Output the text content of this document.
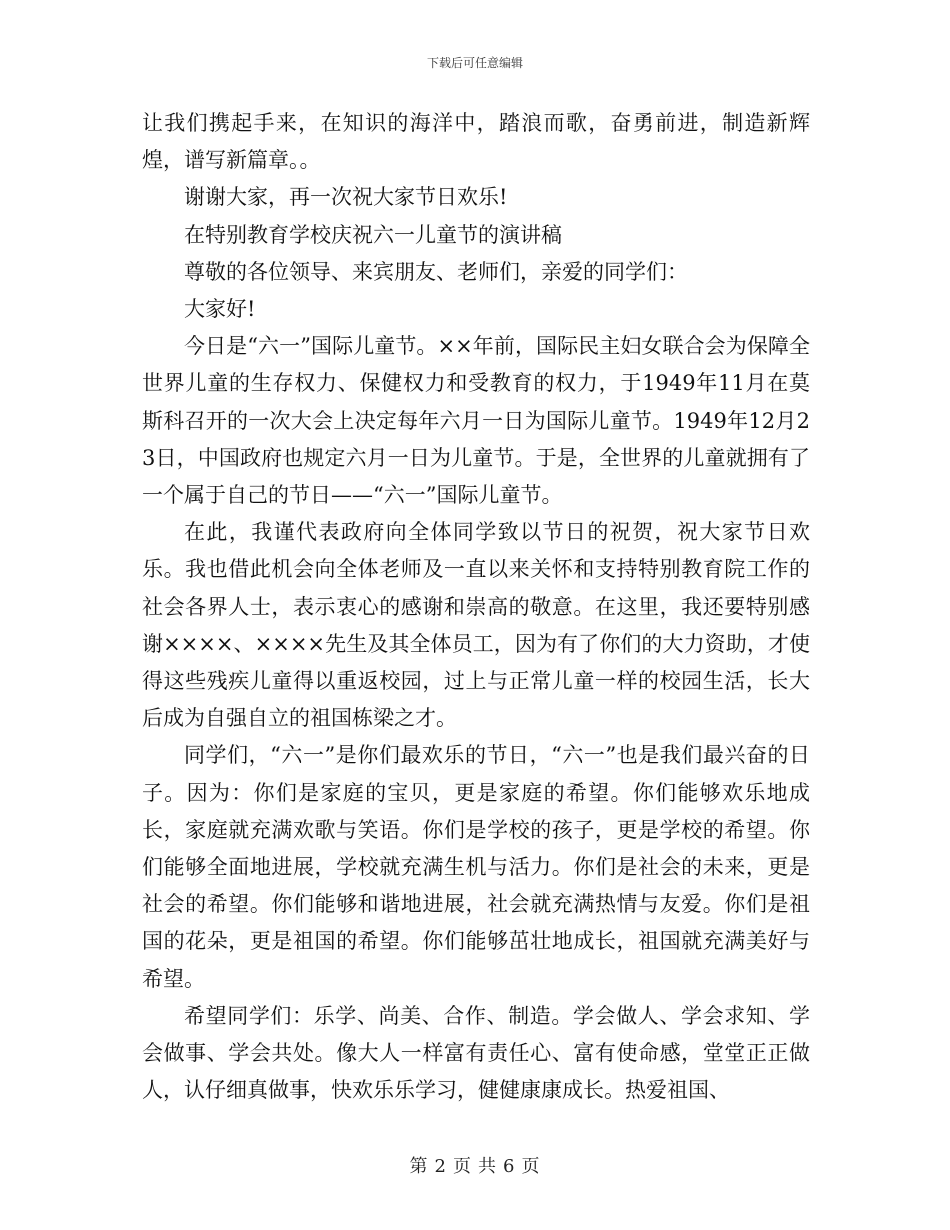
下载后可任意编辑

让我们携起手来，在知识的海洋中，踏浪而歌，奋勇前进，制造新辉煌，谱写新篇章。。

谢谢大家，再一次祝大家节日欢乐!

在特别教育学校庆祝六一儿童节的演讲稿

尊敬的各位领导、来宾朋友、老师们，亲爱的同学们：

大家好!

今日是“六一”国际儿童节。××年前，国际民主妇女联合会为保障全世界儿童的生存权力、保健权力和受教育的权力，于1949年11月在莫斯科召开的一次大会上决定每年六月一日为国际儿童节。1949年12月23日，中国政府也规定六月一日为儿童节。于是，全世界的儿童就拥有了一个属于自己的节日——“六一”国际儿童节。

在此，我谨代表政府向全体同学致以节日的祝贺，祝大家节日欢乐。我也借此机会向全体老师及一直以来关怀和支持特别教育院工作的社会各界人士，表示衷心的感谢和崇高的敬意。在这里，我还要特别感谢××××、××××先生及其全体员工，因为有了你们的大力资助，才使得这些残疾儿童得以重返校园，过上与正常儿童一样的校园生活，长大后成为自强自立的祖国栋梁之才。

同学们，“六一”是你们最欢乐的节日，“六一”也是我们最兴奋的日子。因为：你们是家庭的宝贝，更是家庭的希望。你们能够欢乐地成长，家庭就充满欢歌与笑语。你们是学校的孩子，更是学校的希望。你们能够全面地进展，学校就充满生机与活力。你们是社会的未来，更是社会的希望。你们能够和谐地进展，社会就充满热情与友爱。你们是祖国的花朵，更是祖国的希望。你们能够茁壮地成长，祖国就充满美好与希望。

希望同学们：乐学、尚美、合作、制造。学会做人、学会求知、学会做事、学会共处。像大人一样富有责任心、富有使命感，堂堂正正做人，认仔细真做事，快欢乐乐学习，健健康康成长。热爱祖国、

第 2 页 共 6 页
